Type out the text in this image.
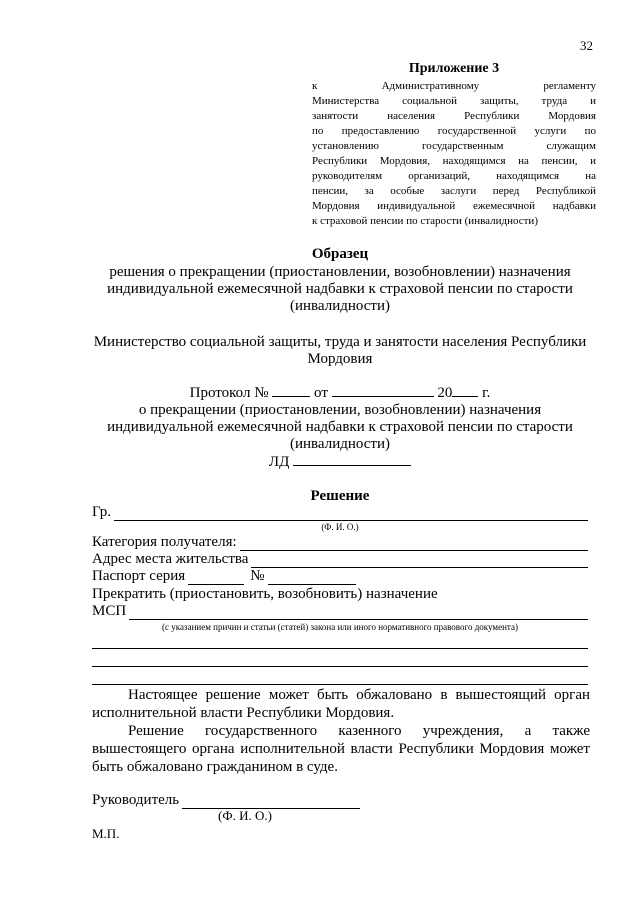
32
Приложение 3
к Административному регламенту
Министерства социальной защиты, труда и
занятости населения Республики Мордовия
по предоставлению государственной услуги по
установлению государственным служащим
Республики Мордовия, находящимся на пенсии, и
руководителям организаций, находящимся на
пенсии, за особые заслуги перед Республикой
Мордовия индивидуальной ежемесячной надбавки
к страховой пенсии по старости (инвалидности)
Образец
решения о прекращении (приостановлении, возобновлении) назначения
индивидуальной ежемесячной надбавки к страховой пенсии по старости
(инвалидности)
Министерство социальной защиты, труда и занятости населения Республики
Мордовия
Протокол №	от	20 г.
о прекращении (приостановлении, возобновлении) назначения
индивидуальной ежемесячной надбавки к страховой пенсии по старости
(инвалидности)
ЛД
Решение
Гр.
(Ф. И. О.)
Категория получателя:
Адрес места жительства
Паспорт серия	№
Прекратить (приостановить, возобновить) назначение
МСП
(с указанием причин и статьи (статей) закона или иного нормативного правового документа)
Настоящее решение может быть обжаловано в вышестоящий орган
исполнительной власти Республики Мордовия.
Решение государственного казенного учреждения, а также
вышестоящего органа исполнительной власти Республики Мордовия может
быть обжаловано гражданином в суде.
Руководитель
(Ф. И. О.)
М.П.
